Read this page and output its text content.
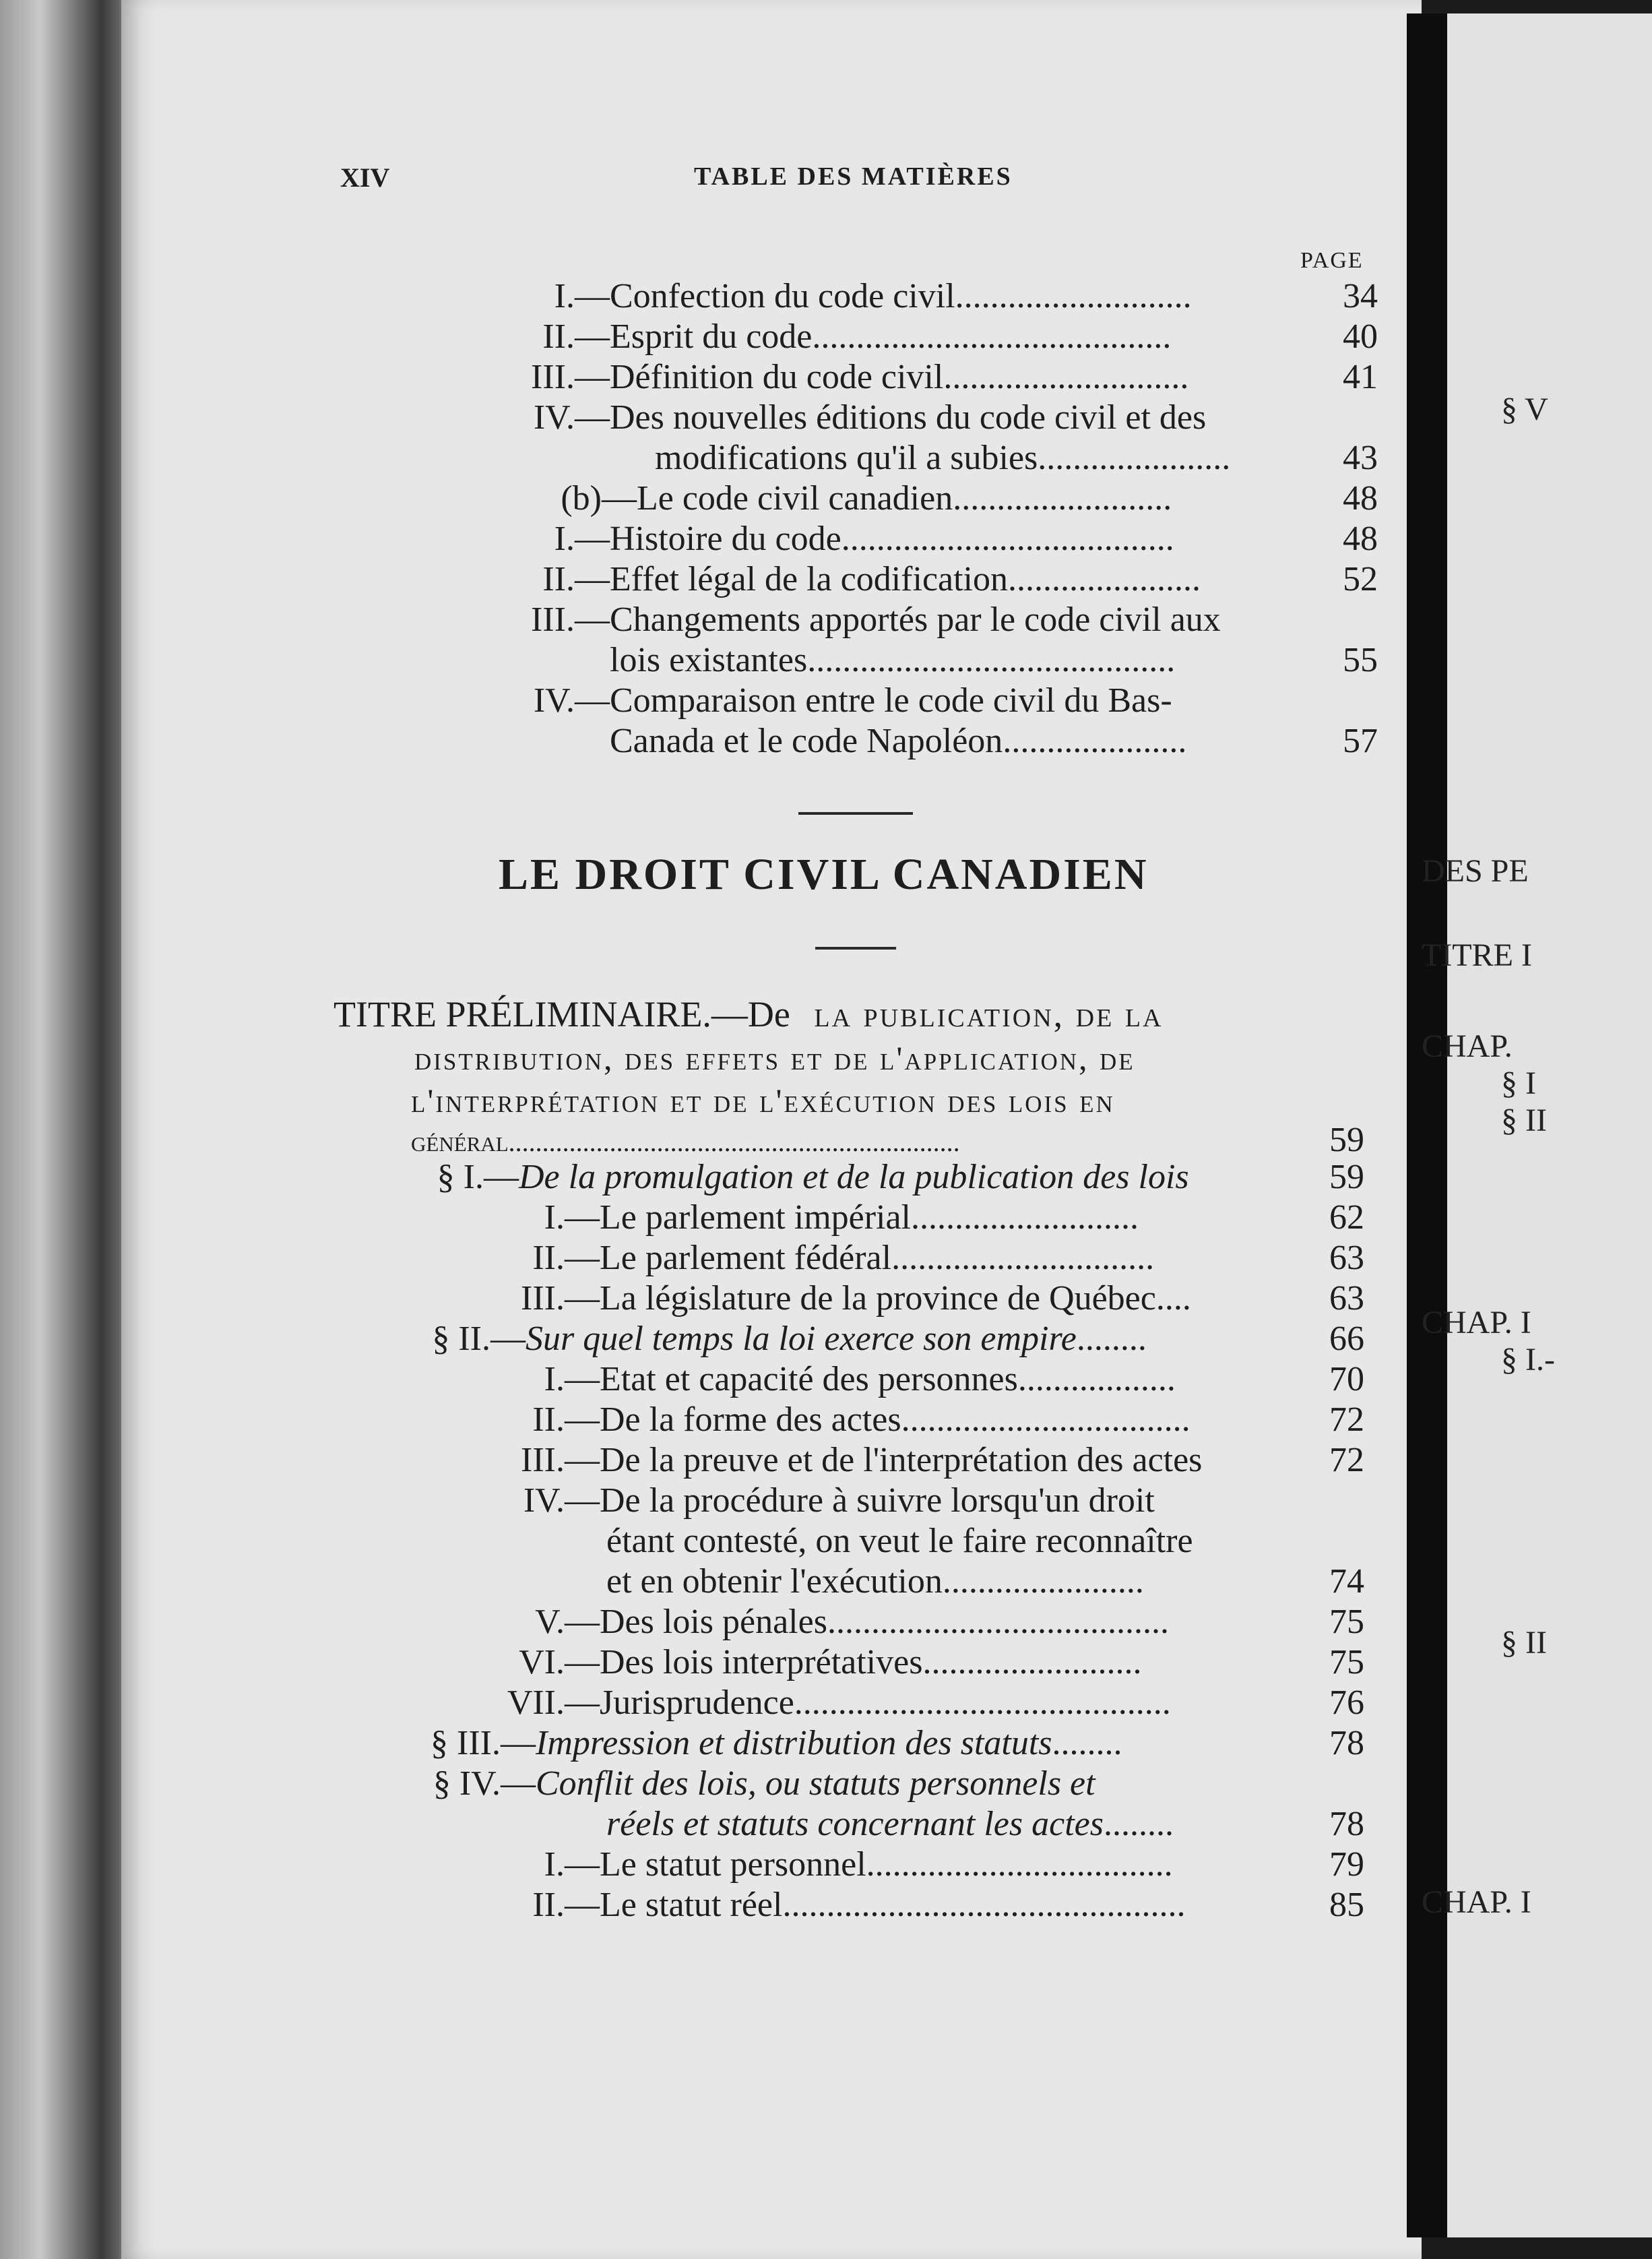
XIV	TABLE DES MATIÈRES
PAGE
I.— Confection du code civil...........................	34
II.— Esprit du code.........................................	40
III.— Définition du code civil............................	41
IV.— Des nouvelles éditions du code civil et des
modifications qu'il a subies......................	43
(b)— Le code civil canadien.........................	48
I.— Histoire du code......................................	48
II.— Effet légal de la codification......................	52
III.— Changements apportés par le code civil aux
lois existantes..........................................	55
IV.— Comparaison entre le code civil du Bas-
Canada et le code Napoléon.....................	57
LE DROIT CIVIL CANADIEN
TITRE PRÉLIMINAIRE.—De la publication, de la
distribution, des effets et de l'application, de
l'interprétation et de l'exécution des lois en
général...................................................................	59
§ I.— De la promulgation et de la publication des lois	59
I.— Le parlement impérial..........................	62
II.— Le parlement fédéral..............................	63
III.— La législature de la province de Québec....	63
§ II.— Sur quel temps la loi exerce son empire........	66
I.— Etat et capacité des personnes..................	70
II.— De la forme des actes.................................	72
III.— De la preuve et de l'interprétation des actes	72
IV.— De la procédure à suivre lorsqu'un droit
étant contesté, on veut le faire reconnaître
et en obtenir l'exécution.......................	74
V.— Des lois pénales.......................................	75
VI.— Des lois interprétatives.........................	75
VII.— Jurisprudence...........................................	76
§ III.— Impression et distribution des statuts........	78
§ IV.— Conflit des lois, ou statuts personnels et
réels et statuts concernant les actes........	78
I.— Le statut personnel...................................	79
II.— Le statut réel..............................................	85
§ V
DES PE
TITRE I
CHAP.
§ I
§ II
CHAP. I
§ I.-
§ II
CHAP. I
